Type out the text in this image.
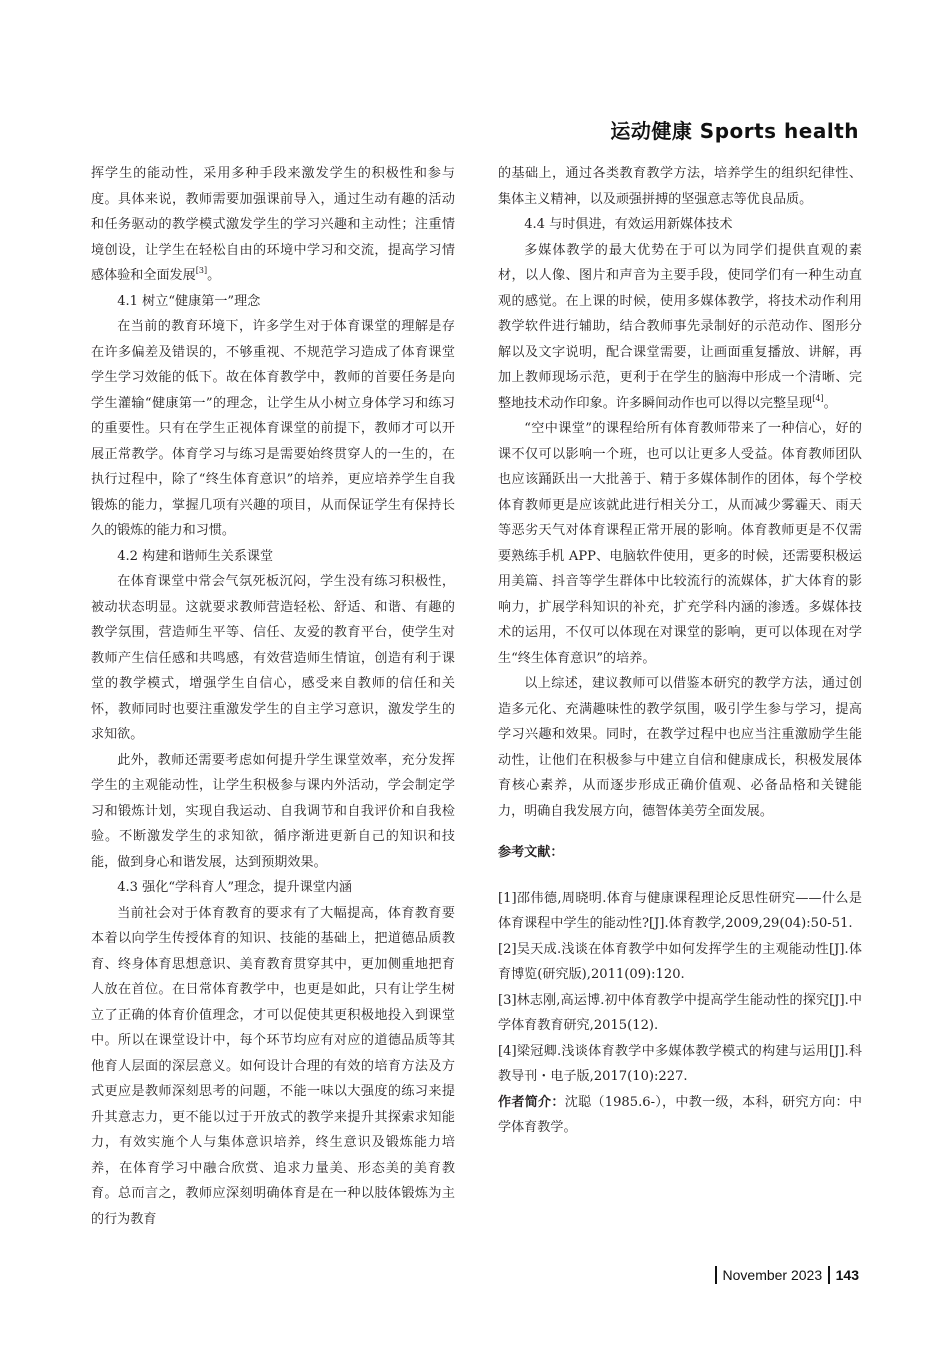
运动健康 Sports health

挥学生的能动性，采用多种手段来激发学生的积极性和参与度。具体来说，教师需要加强课前导入，通过生动有趣的活动和任务驱动的教学模式激发学生的学习兴趣和主动性；注重情境创设，让学生在轻松自由的环境中学习和交流，提高学习情感体验和全面发展[3]。

4.1 树立“健康第一”理念

在当前的教育环境下，许多学生对于体育课堂的理解是存在许多偏差及错误的，不够重视、不规范学习造成了体育课堂学生学习效能的低下。故在体育教学中，教师的首要任务是向学生灌输“健康第一”的理念，让学生从小树立身体学习和练习的重要性。只有在学生正视体育课堂的前提下，教师才可以开展正常教学。体育学习与练习是需要始终贯穿人的一生的，在执行过程中，除了“终生体育意识”的培养，更应培养学生自我锻炼的能力，掌握几项有兴趣的项目，从而保证学生有保持长久的锻炼的能力和习惯。

4.2 构建和谐师生关系课堂

在体育课堂中常会气氛死板沉闷，学生没有练习积极性，被动状态明显。这就要求教师营造轻松、舒适、和谐、有趣的教学氛围，营造师生平等、信任、友爱的教育平台，使学生对教师产生信任感和共鸣感，有效营造师生情谊，创造有利于课堂的教学模式，增强学生自信心，感受来自教师的信任和关怀，教师同时也要注重激发学生的自主学习意识，激发学生的求知欲。

此外，教师还需要考虑如何提升学生课堂效率，充分发挥学生的主观能动性，让学生积极参与课内外活动，学会制定学习和锻炼计划，实现自我运动、自我调节和自我评价和自我检验。不断激发学生的求知欲，循序渐进更新自己的知识和技能，做到身心和谐发展，达到预期效果。

4.3 强化“学科育人”理念，提升课堂内涵

当前社会对于体育教育的要求有了大幅提高，体育教育要本着以向学生传授体育的知识、技能的基础上，把道德品质教育、终身体育思想意识、美育教育贯穿其中，更加侧重地把育人放在首位。在日常体育教学中，也更是如此，只有让学生树立了正确的体育价值理念，才可以促使其更积极地投入到课堂中。所以在课堂设计中，每个环节均应有对应的道德品质等其他育人层面的深层意义。如何设计合理的有效的培育方法及方式更应是教师深刻思考的问题，不能一味以大强度的练习来提升其意志力，更不能以过于开放式的教学来提升其探索求知能力，有效实施个人与集体意识培养，终生意识及锻炼能力培养，在体育学习中融合欣赏、追求力量美、形态美的美育教育。总而言之，教师应深刻明确体育是在一种以肢体锻炼为主的行为教育

的基础上，通过各类教育教学方法，培养学生的组织纪律性、集体主义精神，以及顽强拼搏的坚强意志等优良品质。

4.4 与时俱进，有效运用新媒体技术

多媒体教学的最大优势在于可以为同学们提供直观的素材，以人像、图片和声音为主要手段，使同学们有一种生动直观的感觉。在上课的时候，使用多媒体教学，将技术动作利用教学软件进行辅助，结合教师事先录制好的示范动作、图形分解以及文字说明，配合课堂需要，让画面重复播放、讲解，再加上教师现场示范，更利于在学生的脑海中形成一个清晰、完整地技术动作印象。许多瞬间动作也可以得以完整呈现[4]。

“空中课堂”的课程给所有体育教师带来了一种信心，好的课不仅可以影响一个班，也可以让更多人受益。体育教师团队也应该踊跃出一大批善于、精于多媒体制作的团体，每个学校体育教师更是应该就此进行相关分工，从而减少雾霾天、雨天等恶劣天气对体育课程正常开展的影响。体育教师更是不仅需要熟练手机 APP、电脑软件使用，更多的时候，还需要积极运用美篇、抖音等学生群体中比较流行的流媒体，扩大体育的影响力，扩展学科知识的补充，扩充学科内涵的渗透。多媒体技术的运用，不仅可以体现在对课堂的影响，更可以体现在对学生“终生体育意识”的培养。

以上综述，建议教师可以借鉴本研究的教学方法，通过创造多元化、充满趣味性的教学氛围，吸引学生参与学习，提高学习兴趣和效果。同时，在教学过程中也应当注重激励学生能动性，让他们在积极参与中建立自信和健康成长，积极发展体育核心素养，从而逐步形成正确价值观、必备品格和关键能力，明确自我发展方向，德智体美劳全面发展。

参考文献：
[1]邵伟德,周晓明.体育与健康课程理论反思性研究——什么是体育课程中学生的能动性?[J].体育教学,2009,29(04):50-51.
[2]吴天成.浅谈在体育教学中如何发挥学生的主观能动性[J].体育博览(研究版),2011(09):120.
[3]林志刚,高运博.初中体育教学中提高学生能动性的探究[J].中学体育教育研究,2015(12).
[4]梁冠卿.浅谈体育教学中多媒体教学模式的构建与运用[J].科教导刊・电子版,2017(10):227.
作者简介：沈聪（1985.6-），中教一级，本科，研究方向：中学体育教学。
November 2023 143
